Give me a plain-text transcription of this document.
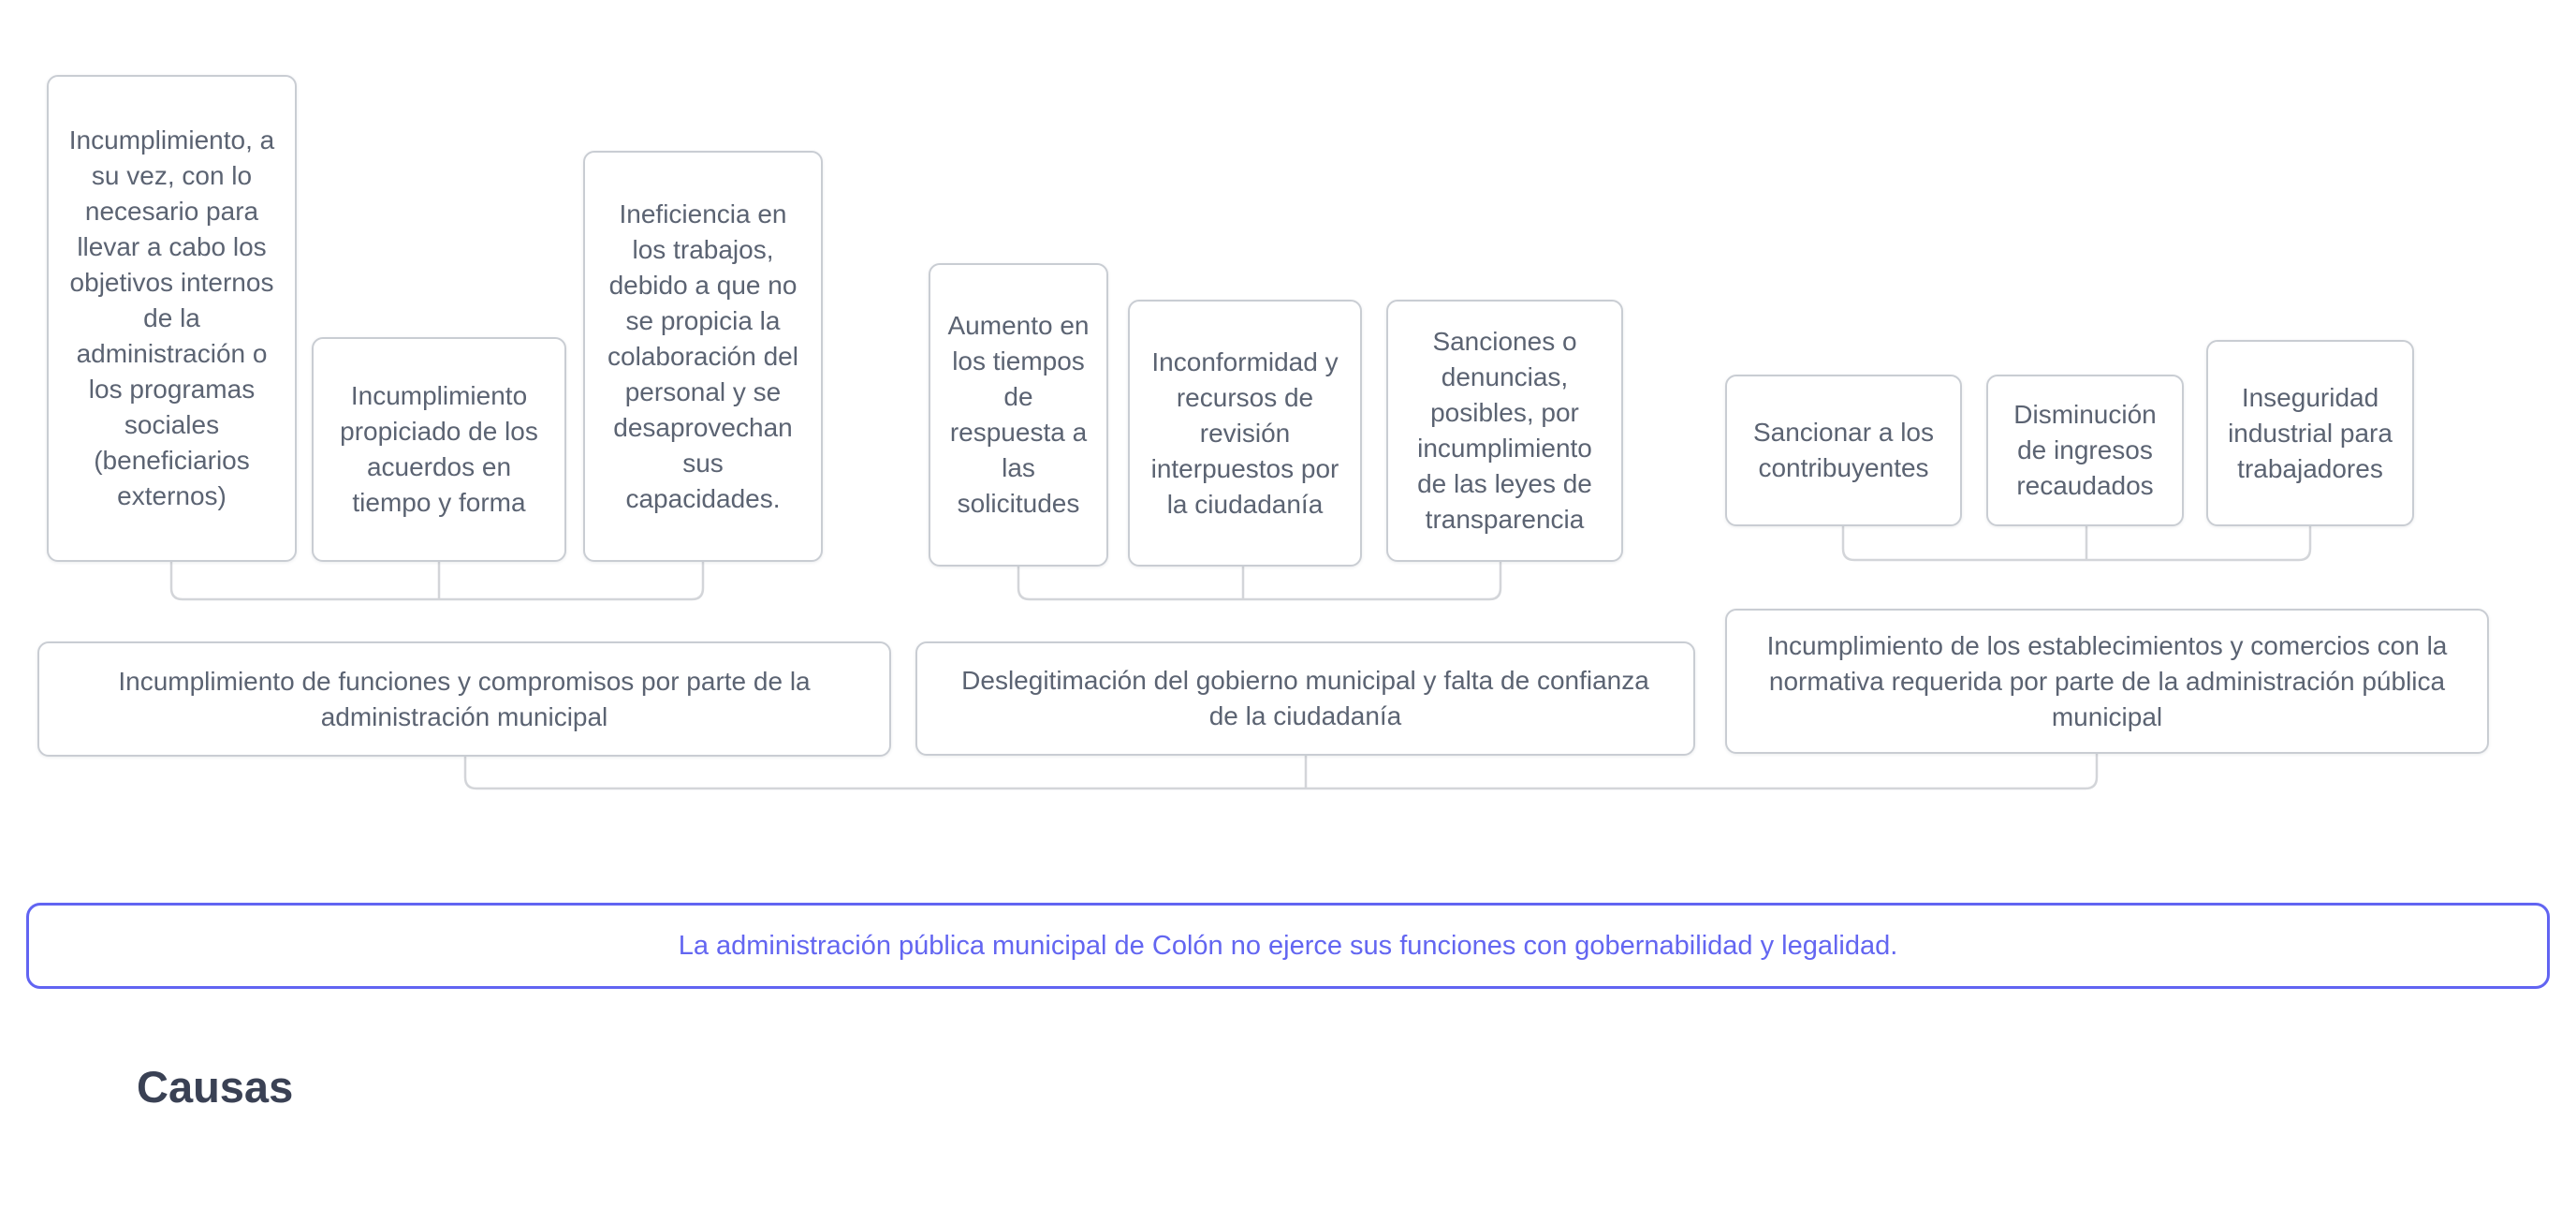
Incumplimiento, a su vez, con lo necesario para llevar a cabo los objetivos internos de la administración o los programas sociales (beneficiarios externos)
Incumplimiento propiciado de los acuerdos en tiempo y forma
Ineficiencia en los trabajos, debido a que no se propicia la colaboración del personal y se desaprovechan sus capacidades.
Aumento en los tiempos de respuesta a las solicitudes
Inconformidad y recursos de revisión interpuestos por la ciudadanía
Sanciones o denuncias, posibles, por incumplimiento de las leyes de transparencia
Sancionar a los contribuyentes
Disminución de ingresos recaudados
Inseguridad industrial para trabajadores
Incumplimiento de funciones y compromisos por parte de la administración municipal
Deslegitimación del gobierno municipal y falta de confianza de la ciudadanía
Incumplimiento de los establecimientos y comercios con la normativa requerida por parte de la administración pública municipal
La administración pública municipal de Colón no ejerce sus funciones con gobernabilidad y legalidad.
Causas
